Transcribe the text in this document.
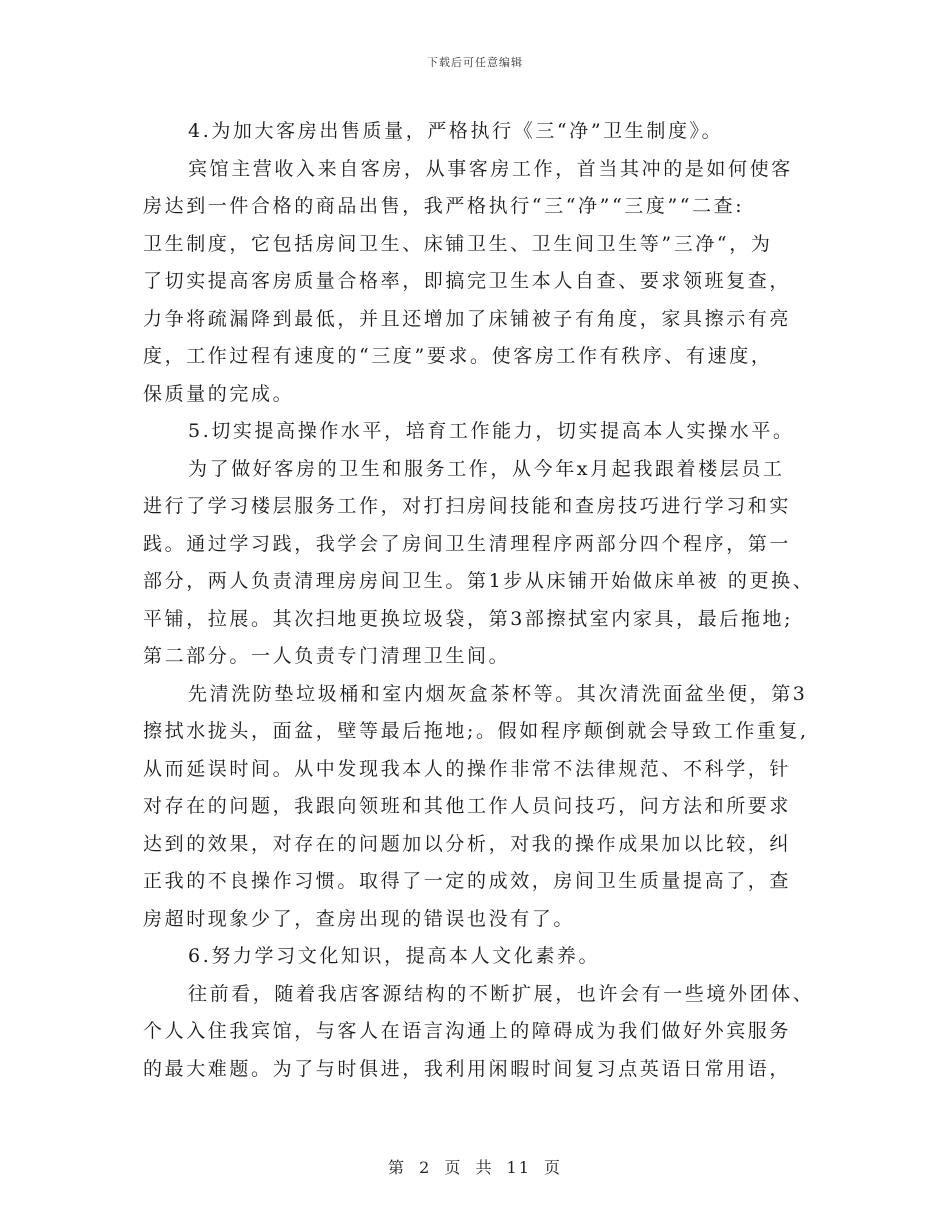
下载后可任意编辑
4.为加大客房出售质量，严格执行《三“净”卫生制度》。
宾馆主营收入来自客房，从事客房工作，首当其冲的是如何使客
房达到一件合格的商品出售，我严格执行“三“净”“三度”“二查:
卫生制度，它包括房间卫生、床铺卫生、卫生间卫生等”三净“，为
了切实提高客房质量合格率，即搞完卫生本人自查、要求领班复查，
力争将疏漏降到最低，并且还增加了床铺被子有角度，家具擦示有亮
度，工作过程有速度的“三度”要求。使客房工作有秩序、有速度，
保质量的完成。
5.切实提高操作水平，培育工作能力，切实提高本人实操水平。
为了做好客房的卫生和服务工作，从今年x月起我跟着楼层员工
进行了学习楼层服务工作，对打扫房间技能和查房技巧进行学习和实
践。通过学习践，我学会了房间卫生清理程序两部分四个程序，第一
部分，两人负责清理房房间卫生。第1步从床铺开始做床单被 的更换、
平铺，拉展。其次扫地更换垃圾袋，第3部擦拭室内家具，最后拖地;
第二部分。一人负责专门清理卫生间。
先清洗防垫垃圾桶和室内烟灰盒茶杯等。其次清洗面盆坐便，第3
擦拭水拢头，面盆，壁等最后拖地;。假如程序颠倒就会导致工作重复,
从而延误时间。从中发现我本人的操作非常不法律规范、不科学，针
对存在的问题，我跟向领班和其他工作人员问技巧，问方法和所要求
达到的效果，对存在的问题加以分析，对我的操作成果加以比较，纠
正我的不良操作习惯。取得了一定的成效，房间卫生质量提高了，查
房超时现象少了，查房出现的错误也没有了。
6.努力学习文化知识，提高本人文化素养。
往前看，随着我店客源结构的不断扩展，也许会有一些境外团体、
个人入住我宾馆，与客人在语言沟通上的障碍成为我们做好外宾服务
的最大难题。为了与时俱进，我利用闲暇时间复习点英语日常用语，
第 2 页 共 11 页
